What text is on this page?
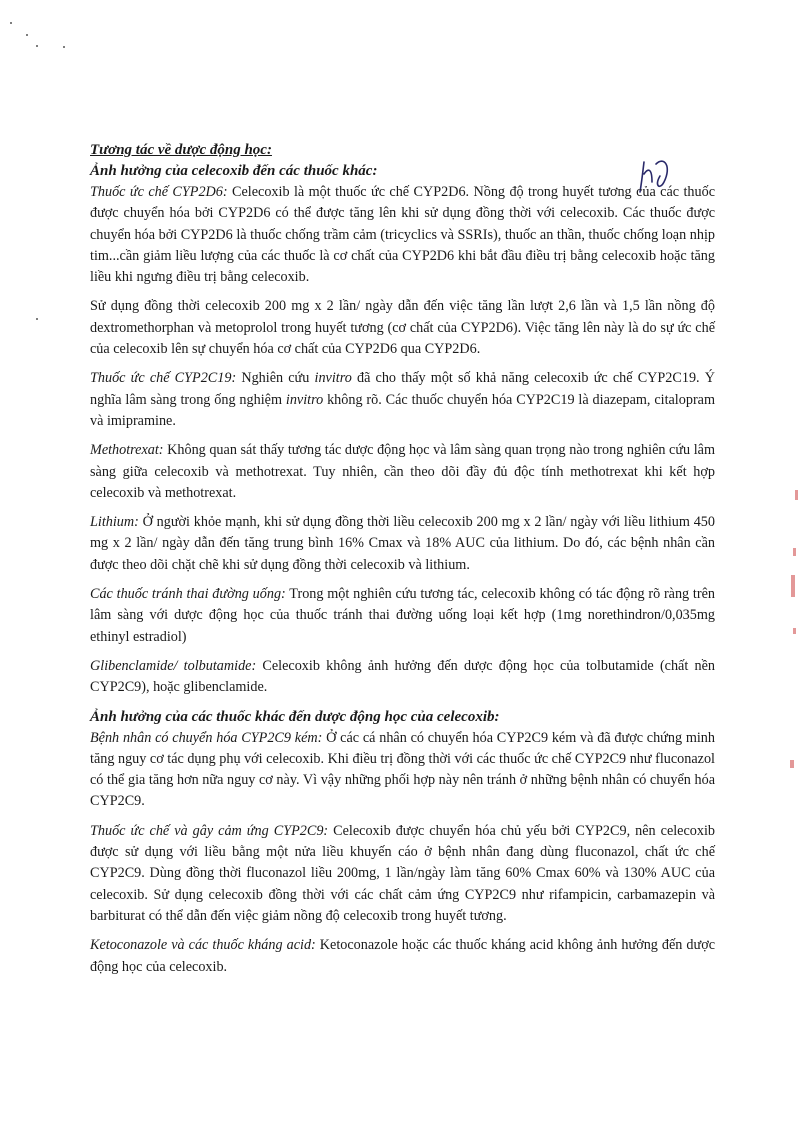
Tương tác về dược động học:

Ảnh hưởng của celecoxib đến các thuốc khác:

Thuốc ức chế CYP2D6: Celecoxib là một thuốc ức chế CYP2D6. Nồng độ trong huyết tương của các thuốc được chuyển hóa bởi CYP2D6 có thể được tăng lên khi sử dụng đồng thời với celecoxib. Các thuốc được chuyển hóa bởi CYP2D6 là thuốc chống trầm cảm (tricyclics và SSRIs), thuốc an thần, thuốc chống loạn nhịp tim...cần giảm liều lượng của các thuốc là cơ chất của CYP2D6 khi bắt đầu điều trị bằng celecoxib hoặc tăng liều khi ngưng điều trị bằng celecoxib.

Sử dụng đồng thời celecoxib 200 mg x 2 lần/ ngày dẫn đến việc tăng lần lượt 2,6 lần và 1,5 lần nồng độ dextromethorphan và metoprolol trong huyết tương (cơ chất của CYP2D6). Việc tăng lên này là do sự ức chế của celecoxib lên sự chuyển hóa cơ chất của CYP2D6 qua CYP2D6.

Thuốc ức chế CYP2C19: Nghiên cứu invitro đã cho thấy một số khả năng celecoxib ức chế CYP2C19. Ý nghĩa lâm sàng trong ống nghiệm invitro không rõ. Các thuốc chuyển hóa CYP2C19 là diazepam, citalopram và imipramine.

Methotrexat: Không quan sát thấy tương tác dược động học và lâm sàng quan trọng nào trong nghiên cứu lâm sàng giữa celecoxib và methotrexat. Tuy nhiên, cần theo dõi đầy đủ độc tính methotrexat khi kết hợp celecoxib và methotrexat.

Lithium: Ở người khỏe mạnh, khi sử dụng đồng thời liều celecoxib 200 mg x 2 lần/ ngày với liều lithium 450 mg x 2 lần/ ngày dẫn đến tăng trung bình 16% Cmax và 18% AUC của lithium. Do đó, các bệnh nhân cần được theo dõi chặt chẽ khi sử dụng đồng thời celecoxib và lithium.

Các thuốc tránh thai đường uống: Trong một nghiên cứu tương tác, celecoxib không có tác động rõ ràng trên lâm sàng với dược động học của thuốc tránh thai đường uống loại kết hợp (1mg norethindron/0,035mg ethinyl estradiol)

Glibenclamide/ tolbutamide: Celecoxib không ảnh hưởng đến dược động học của tolbutamide (chất nền CYP2C9), hoặc glibenclamide.

Ảnh hưởng của các thuốc khác đến dược động học của celecoxib:

Bệnh nhân có chuyển hóa CYP2C9 kém: Ở các cá nhân có chuyển hóa CYP2C9 kém và đã được chứng minh tăng nguy cơ tác dụng phụ với celecoxib. Khi điều trị đồng thời với các thuốc ức chế CYP2C9 như fluconazol có thể gia tăng hơn nữa nguy cơ này. Vì vậy những phối hợp này nên tránh ở những bệnh nhân có chuyển hóa CYP2C9.

Thuốc ức chế và gây cảm ứng CYP2C9: Celecoxib được chuyển hóa chủ yếu bởi CYP2C9, nên celecoxib được sử dụng với liều bằng một nửa liều khuyến cáo ở bệnh nhân đang dùng fluconazol, chất ức chế CYP2C9. Dùng đồng thời fluconazol liều 200mg, 1 lần/ngày làm tăng 60% Cmax 60% và 130% AUC của celecoxib. Sử dụng celecoxib đồng thời với các chất cảm ứng CYP2C9 như rifampicin, carbamazepin và barbiturat có thể dẫn đến việc giảm nồng độ celecoxib trong huyết tương.

Ketoconazole và các thuốc kháng acid: Ketoconazole hoặc các thuốc kháng acid không ảnh hưởng đến dược động học của celecoxib.
